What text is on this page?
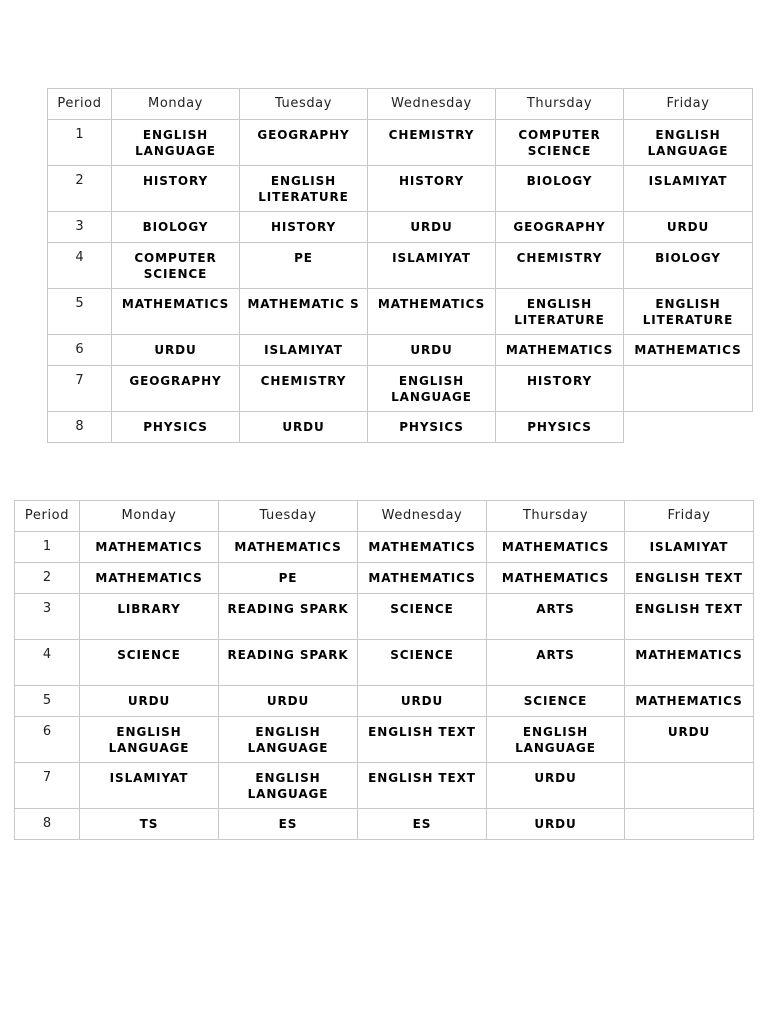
Period	Monday	Tuesday	Wednesday	Thursday	Friday
1	ENGLISH LANGUAGE	GEOGRAPHY	CHEMISTRY	COMPUTER SCIENCE	ENGLISH LANGUAGE
2	HISTORY	ENGLISH LITERATURE	HISTORY	BIOLOGY	ISLAMIYAT
3	BIOLOGY	HISTORY	URDU	GEOGRAPHY	URDU
4	COMPUTER SCIENCE	PE	ISLAMIYAT	CHEMISTRY	BIOLOGY
5	MATHEMATICS	MATHEMATIC S	MATHEMATICS	ENGLISH LITERATURE	ENGLISH LITERATURE
6	URDU	ISLAMIYAT	URDU	MATHEMATICS	MATHEMATICS
7	GEOGRAPHY	CHEMISTRY	ENGLISH LANGUAGE	HISTORY	
8	PHYSICS	URDU	PHYSICS	PHYSICS	
Period	Monday	Tuesday	Wednesday	Thursday	Friday
1	MATHEMATICS	MATHEMATICS	MATHEMATICS	MATHEMATICS	ISLAMIYAT
2	MATHEMATICS	PE	MATHEMATICS	MATHEMATICS	ENGLISH TEXT
3	LIBRARY	READING SPARK	SCIENCE	ARTS	ENGLISH TEXT
4	SCIENCE	READING SPARK	SCIENCE	ARTS	MATHEMATICS
5	URDU	URDU	URDU	SCIENCE	MATHEMATICS
6	ENGLISH LANGUAGE	ENGLISH LANGUAGE	ENGLISH TEXT	ENGLISH LANGUAGE	URDU
7	ISLAMIYAT	ENGLISH LANGUAGE	ENGLISH TEXT	URDU	
8	TS	ES	ES	URDU	
